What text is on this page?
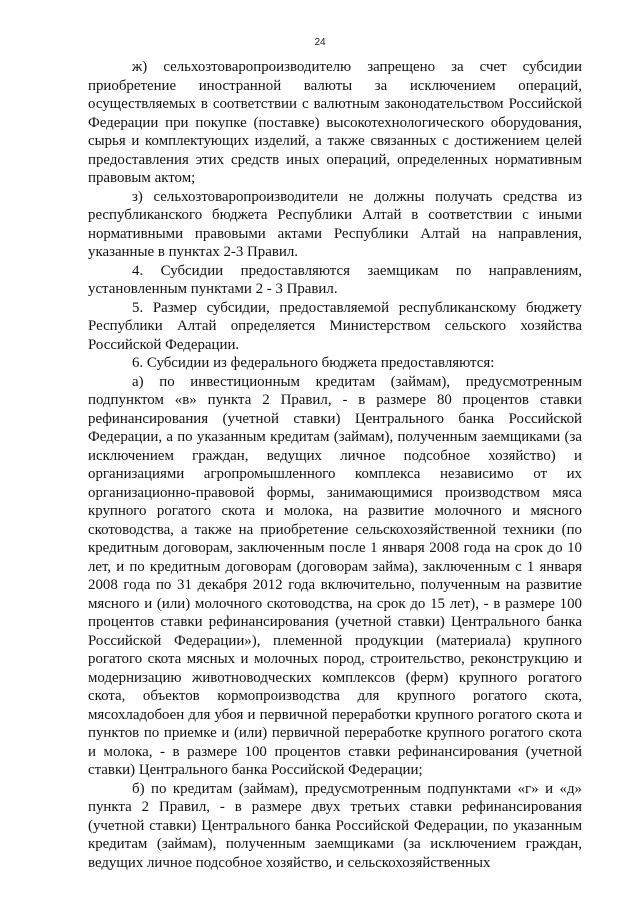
24

ж) сельхозтоваропроизводителю запрещено за счет субсидии приобретение иностранной валюты за исключением операций, осуществляемых в соответствии с валютным законодательством Российской Федерации при покупке (поставке) высокотехнологического оборудования, сырья и комплектующих изделий, а также связанных с достижением целей предоставления этих средств иных операций, определенных нормативным правовым актом;

з) сельхозтоваропроизводители не должны получать средства из республиканского бюджета Республики Алтай в соответствии с иными нормативными правовыми актами Республики Алтай на направления, указанные в пунктах 2-3 Правил.

4. Субсидии предоставляются заемщикам по направлениям, установленным пунктами 2 - 3 Правил.

5. Размер субсидии, предоставляемой республиканскому бюджету Республики Алтай определяется Министерством сельского хозяйства Российской Федерации.

6. Субсидии из федерального бюджета предоставляются:

а) по инвестиционным кредитам (займам), предусмотренным подпунктом «в» пункта 2 Правил, - в размере 80 процентов ставки рефинансирования (учетной ставки) Центрального банка Российской Федерации, а по указанным кредитам (займам), полученным заемщиками (за исключением граждан, ведущих личное подсобное хозяйство) и организациями агропромышленного комплекса независимо от их организационно-правовой формы, занимающимися производством мяса крупного рогатого скота и молока, на развитие молочного и мясного скотоводства, а также на приобретение сельскохозяйственной техники (по кредитным договорам, заключенным после 1 января 2008 года на срок до 10 лет, и по кредитным договорам (договорам займа), заключенным с 1 января 2008 года по 31 декабря 2012 года включительно, полученным на развитие мясного и (или) молочного скотоводства, на срок до 15 лет), - в размере 100 процентов ставки рефинансирования (учетной ставки) Центрального банка Российской Федерации»), племенной продукции (материала) крупного рогатого скота мясных и молочных пород, строительство, реконструкцию и модернизацию животноводческих комплексов (ферм) крупного рогатого скота, объектов кормопроизводства для крупного рогатого скота, мясохладобоен для убоя и первичной переработки крупного рогатого скота и пунктов по приемке и (или) первичной переработке крупного рогатого скота и молока, - в размере 100 процентов ставки рефинансирования (учетной ставки) Центрального банка Российской Федерации;

б) по кредитам (займам), предусмотренным подпунктами «г» и «д» пункта 2 Правил, - в размере двух третьих ставки рефинансирования (учетной ставки) Центрального банка Российской Федерации, по указанным кредитам (займам), полученным заемщиками (за исключением граждан, ведущих личное подсобное хозяйство, и сельскохозяйственных
